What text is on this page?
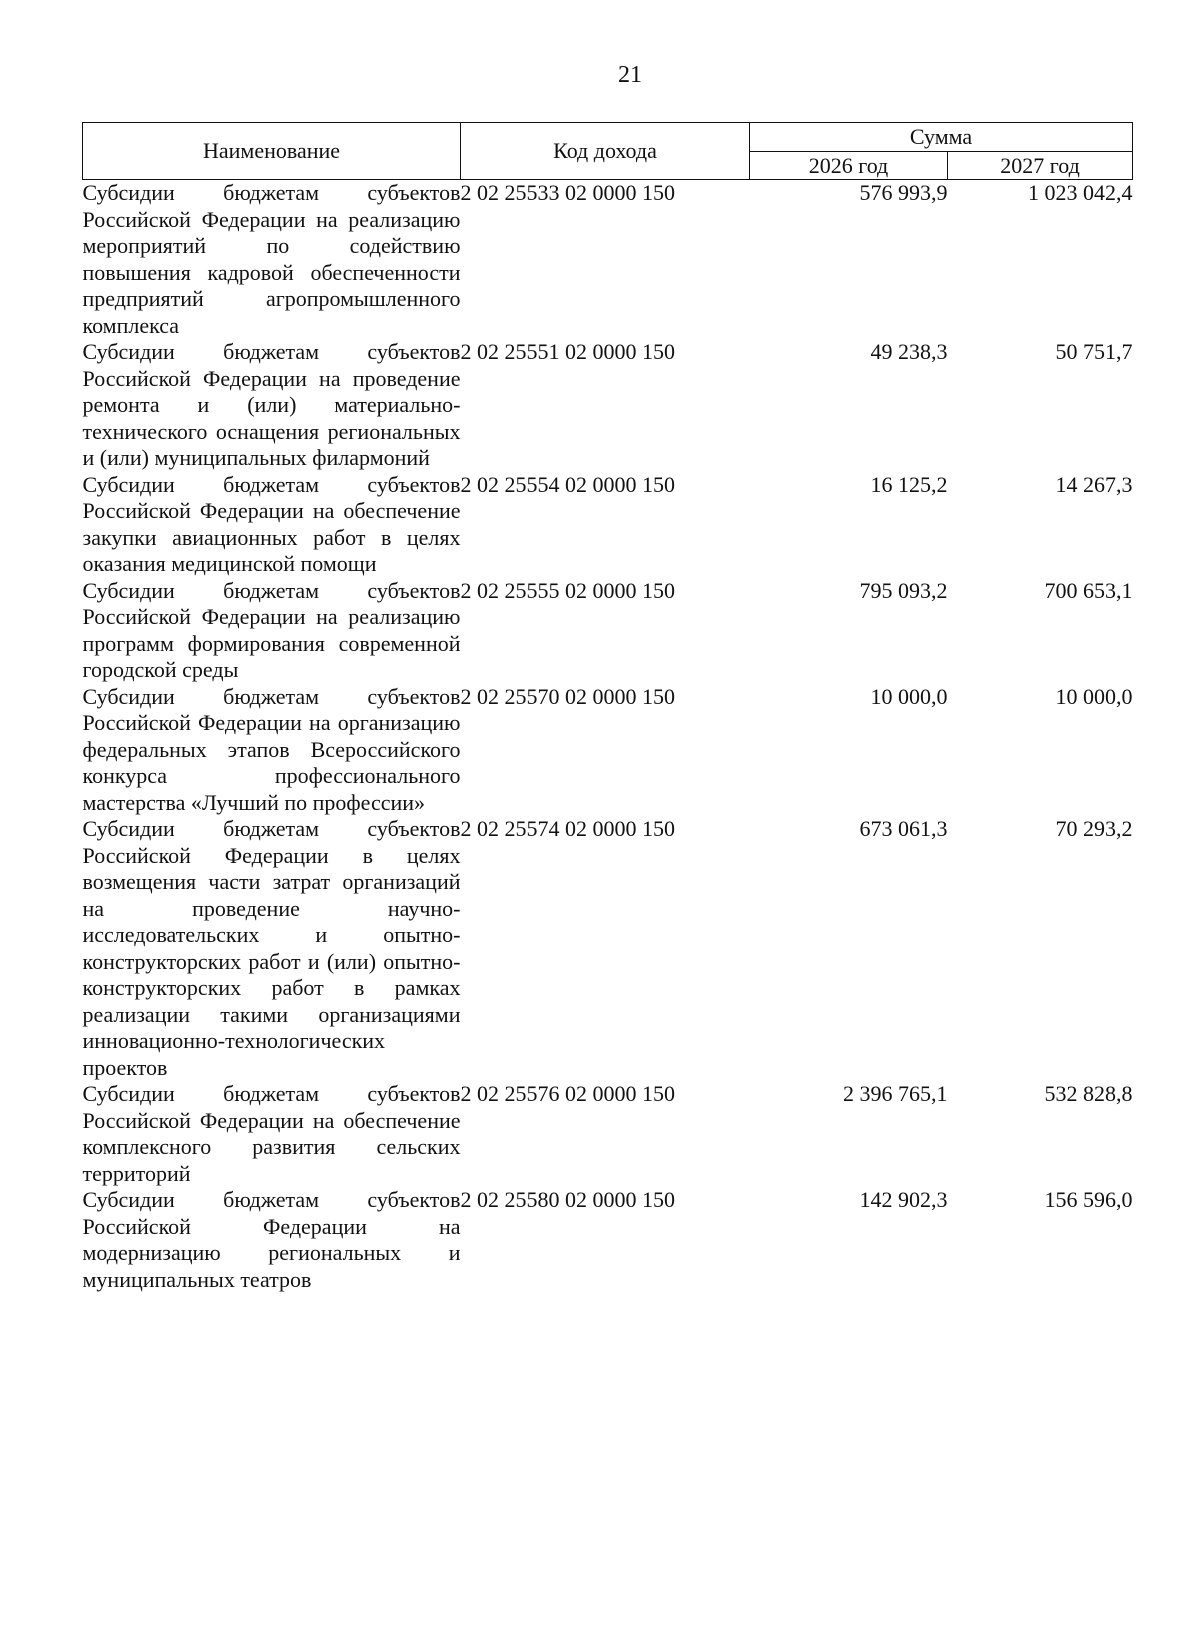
21
Наименование	Код дохода	Сумма	
		2026 год	2027 год
Субсидии бюджетам субъектов Российской Федерации на реализацию мероприятий по содействию повышения кадровой обеспеченности предприятий агропромышленного комплекса	2 02 25533 02 0000 150	576 993,9	1 023 042,4
Субсидии бюджетам субъектов Российской Федерации на проведение ремонта и (или) материально-технического оснащения региональных и (или) муниципальных филармоний	2 02 25551 02 0000 150	49 238,3	50 751,7
Субсидии бюджетам субъектов Российской Федерации на обеспечение закупки авиационных работ в целях оказания медицинской помощи	2 02 25554 02 0000 150	16 125,2	14 267,3
Субсидии бюджетам субъектов Российской Федерации на реализацию программ формирования современной городской среды	2 02 25555 02 0000 150	795 093,2	700 653,1
Субсидии бюджетам субъектов Российской Федерации на организацию федеральных этапов Всероссийского конкурса профессионального мастерства «Лучший по профессии»	2 02 25570 02 0000 150	10 000,0	10 000,0
Субсидии бюджетам субъектов Российской Федерации в целях возмещения части затрат организаций на проведение научно-исследовательских и опытно-конструкторских работ и (или) опытно-конструкторских работ в рамках реализации такими организациями инновационно-технологических проектов	2 02 25574 02 0000 150	673 061,3	70 293,2
Субсидии бюджетам субъектов Российской Федерации на обеспечение комплексного развития сельских территорий	2 02 25576 02 0000 150	2 396 765,1	532 828,8
Субсидии бюджетам субъектов Российской Федерации на модернизацию региональных и муниципальных театров	2 02 25580 02 0000 150	142 902,3	156 596,0
